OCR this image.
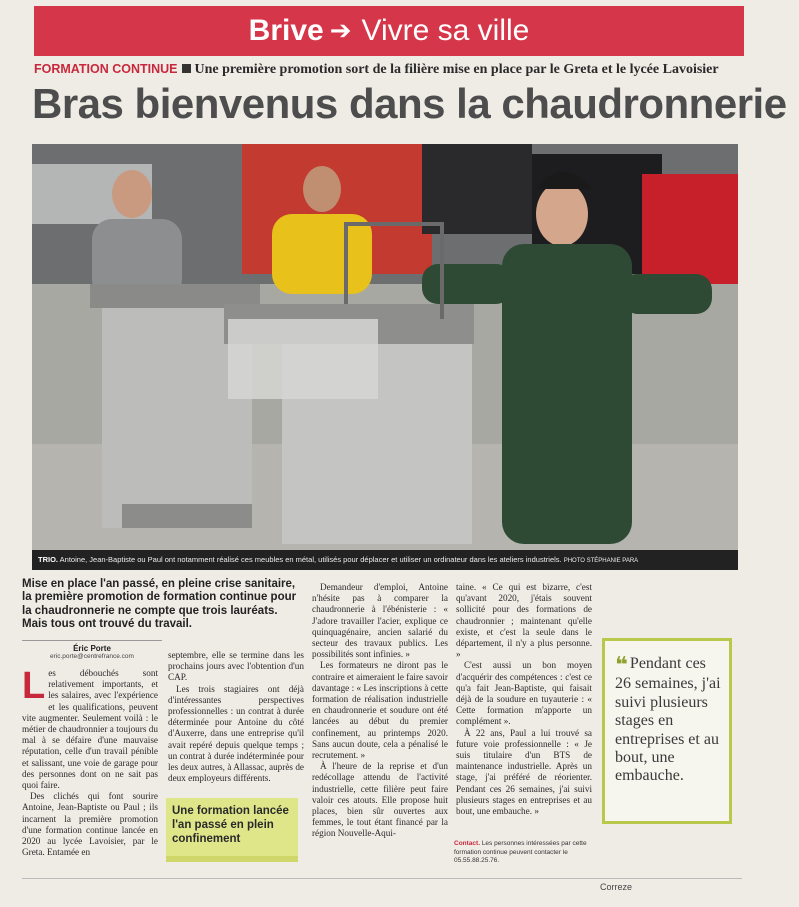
Brive ➔ Vivre sa ville
FORMATION CONTINUE Une première promotion sort de la filière mise en place par le Greta et le lycée Lavoisier
Bras bienvenus dans la chaudronnerie
TRIO. Antoine, Jean-Baptiste ou Paul ont notamment réalisé ces meubles en métal, utilisés pour déplacer et utiliser un ordinateur dans les ateliers industriels. PHOTO STÉPHANIE PARA
Mise en place l'an passé, en pleine crise sanitaire, la première promotion de formation continue pour la chaudronnerie ne compte que trois lauréats. Mais tous ont trouvé du travail.
Éric Porte
eric.porte@centrefrance.com

Les débouchés sont relativement importants, et les salaires, avec l'expérience et les qualifications, peuvent vite augmenter. Seulement voilà : le métier de chaudronnier a toujours du mal à se défaire d'une mauvaise réputation, celle d'un travail pénible et salissant, une voie de garage pour des personnes dont on ne sait pas quoi faire.

Des clichés qui font sourire Antoine, Jean-Baptiste ou Paul ; ils incarnent la première promotion d'une formation continue lancée en 2020 au lycée Lavoisier, par le Greta. Entamée en

septembre, elle se termine dans les prochains jours avec l'obtention d'un CAP.

Les trois stagiaires ont déjà d'intéressantes perspectives professionnelles : un contrat à durée déterminée pour Antoine du côté d'Auxerre, dans une entreprise qu'il avait repéré depuis quelque temps ; un contrat à durée indéterminée pour les deux autres, à Allassac, auprès de deux employeurs différents.

Une formation lancée l'an passé en plein confinement

Demandeur d'emploi, Antoine n'hésite pas à comparer la chaudronnerie à l'ébénisterie : « J'adore travailler l'acier, explique ce quinquagénaire, ancien salarié du secteur des travaux publics. Les possibilités sont infinies. »

Les formateurs ne diront pas le contraire et aimeraient le faire savoir davantage : « Les inscriptions à cette formation de réalisation industrielle en chaudronnerie et soudure ont été lancées au début du premier confinement, au printemps 2020. Sans aucun doute, cela a pénalisé le recrutement. »

À l'heure de la reprise et d'un redécollage attendu de l'activité industrielle, cette filière peut faire valoir ces atouts. Elle propose huit places, bien sûr ouvertes aux femmes, le tout étant financé par la région Nouvelle-Aqui-

taine. « Ce qui est bizarre, c'est qu'avant 2020, j'étais souvent sollicité pour des formations de chaudronnier ; maintenant qu'elle existe, et c'est la seule dans le département, il n'y a plus personne. »

C'est aussi un bon moyen d'acquérir des compétences : c'est ce qu'a fait Jean-Baptiste, qui faisait déjà de la soudure en tuyauterie : « Cette formation m'apporte un complément ».

À 22 ans, Paul a lui trouvé sa future voie professionnelle : « Je suis titulaire d'un BTS de maintenance industrielle. Après un stage, j'ai préféré de réorienter. Pendant ces 26 semaines, j'ai suivi plusieurs stages en entreprises et au bout, une embauche. »

Contact. Les personnes intéressées par cette formation continue peuvent contacter le 05.55.88.25.76.
❝ Pendant ces 26 semaines, j'ai suivi plusieurs stages en entreprises et au bout, une embauche.
Correze
